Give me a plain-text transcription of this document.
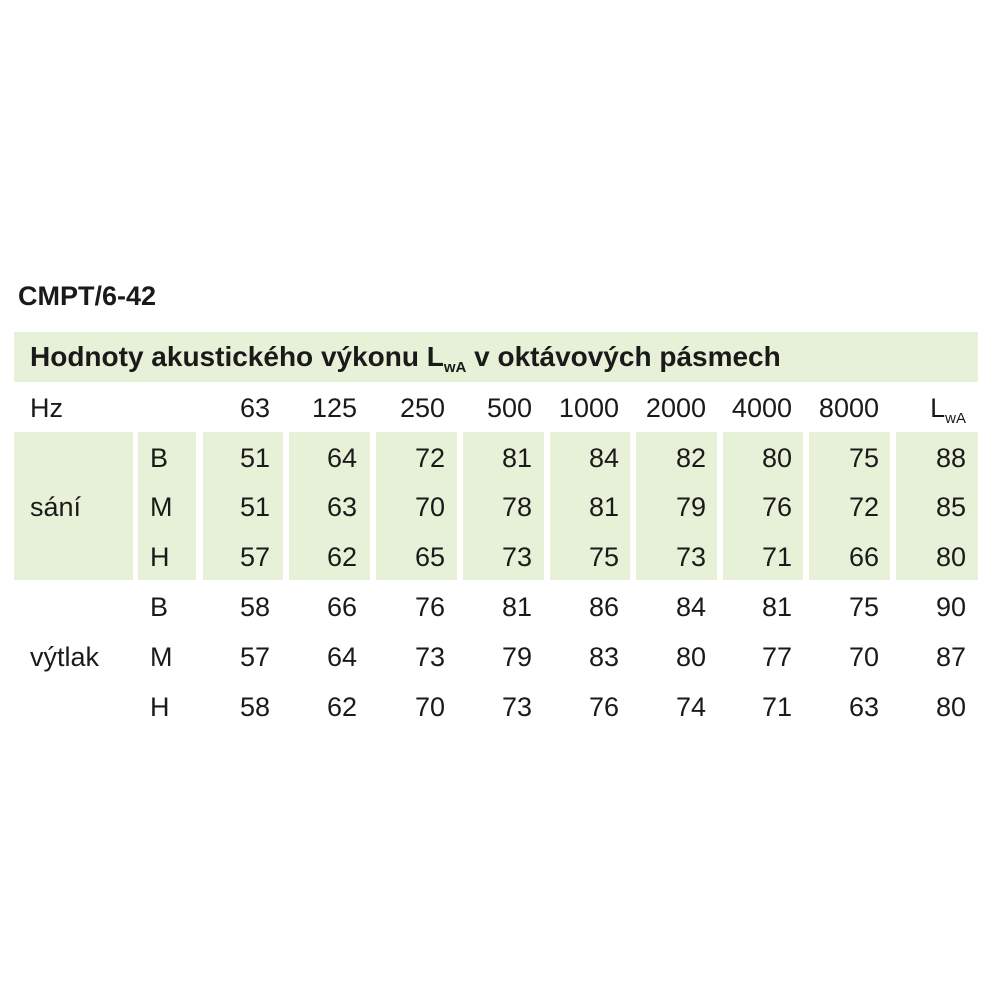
CMPT/6-42
Hodnoty akustického výkonu $L_{wA}$ v oktávových pásmech
Hz	63	125	250	500 1000 2000 4000 8000	$L_{wA}$
sání
B	51	64	72	81	84	82	80	75	88
M	51	63	70	78	81	79	76	72	85
H	57	62	65	73	75	73	71	66	80
výtlak
B	58	66	76	81	86	84	81	75	90
M	57	64	73	79	83	80	77	70	87
H	58	62	70	73	76	74	71	63	80
